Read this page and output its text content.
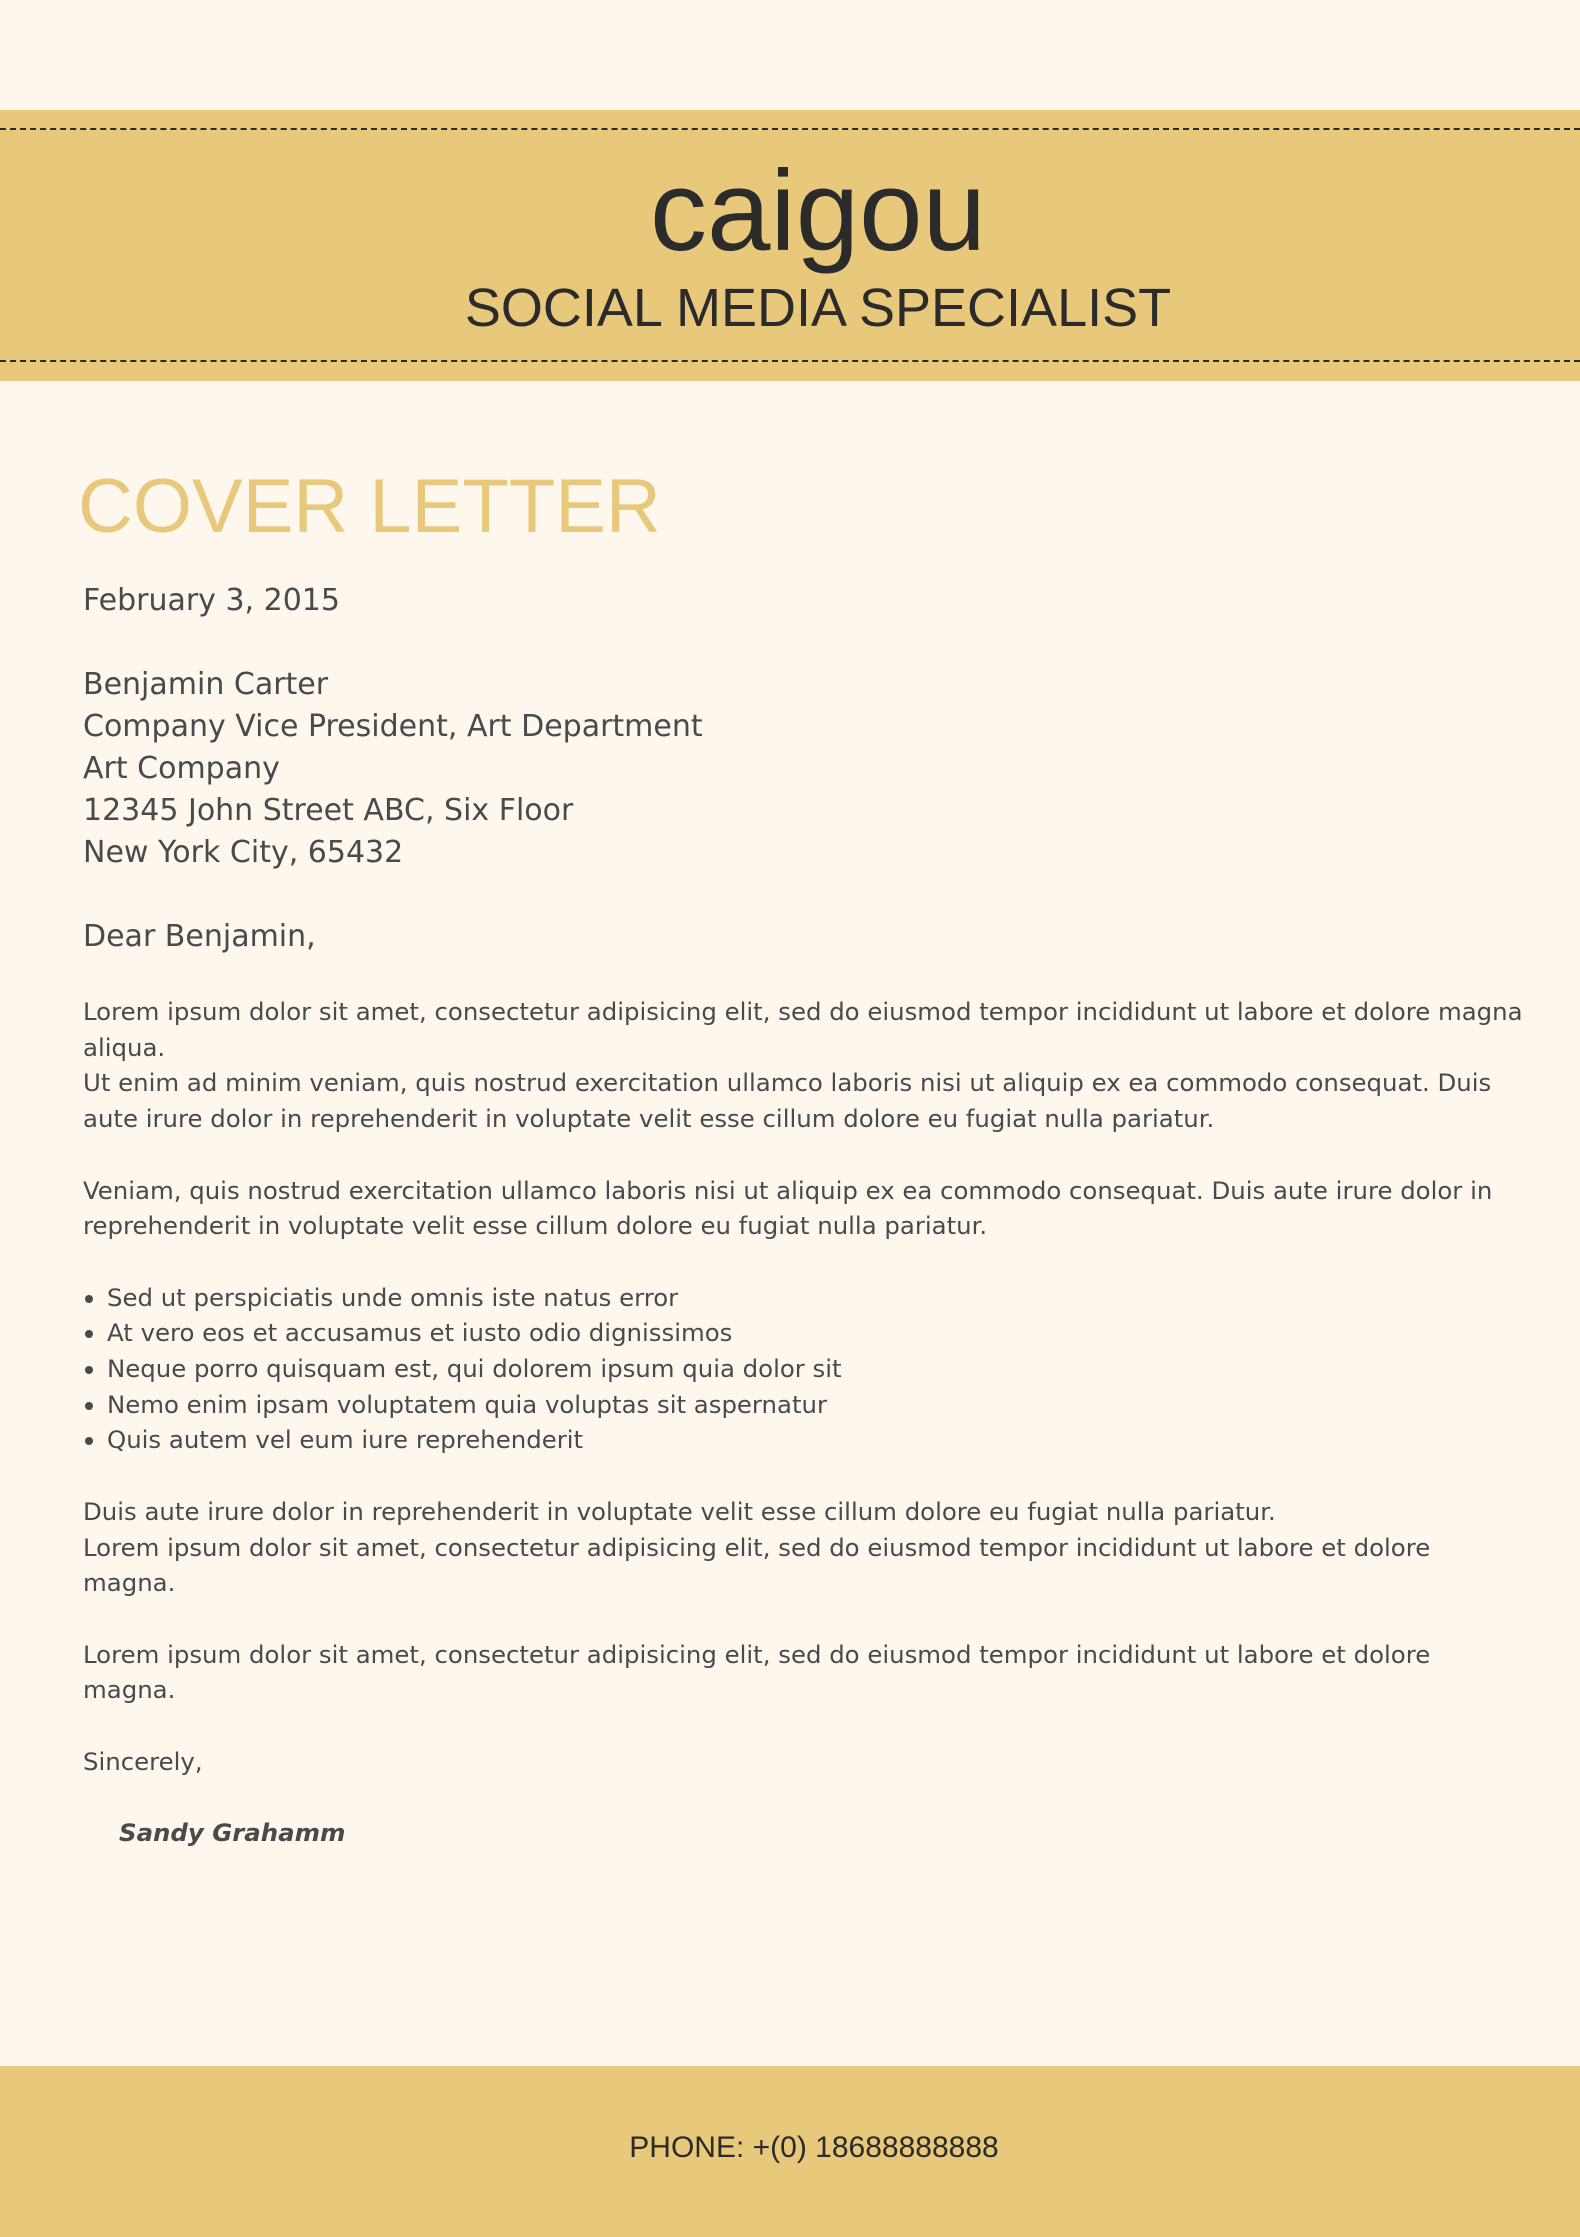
caigou
SOCIAL MEDIA SPECIALIST
COVER LETTER
February 3, 2015
Benjamin Carter
Company Vice President, Art Department
Art Company
12345 John Street ABC, Six Floor
New York City, 65432
Dear Benjamin,
Lorem ipsum dolor sit amet, consectetur adipisicing elit, sed do eiusmod tempor incididunt ut labore et dolore magna aliqua.
Ut enim ad minim veniam, quis nostrud exercitation ullamco laboris nisi ut aliquip ex ea commodo consequat. Duis aute irure dolor in reprehenderit in voluptate velit esse cillum dolore eu fugiat nulla pariatur.
Veniam, quis nostrud exercitation ullamco laboris nisi ut aliquip ex ea commodo consequat. Duis aute irure dolor in reprehenderit in voluptate velit esse cillum dolore eu fugiat nulla pariatur.
Sed ut perspiciatis unde omnis iste natus error
At vero eos et accusamus et iusto odio dignissimos
Neque porro quisquam est, qui dolorem ipsum quia dolor sit
Nemo enim ipsam voluptatem quia voluptas sit aspernatur
Quis autem vel eum iure reprehenderit
Duis aute irure dolor in reprehenderit in voluptate velit esse cillum dolore eu fugiat nulla pariatur.
Lorem ipsum dolor sit amet, consectetur adipisicing elit, sed do eiusmod tempor incididunt ut labore et dolore magna.
Lorem ipsum dolor sit amet, consectetur adipisicing elit, sed do eiusmod tempor incididunt ut labore et dolore magna.
Sincerely,
Sandy Grahamm
PHONE: +(0) 18688888888
